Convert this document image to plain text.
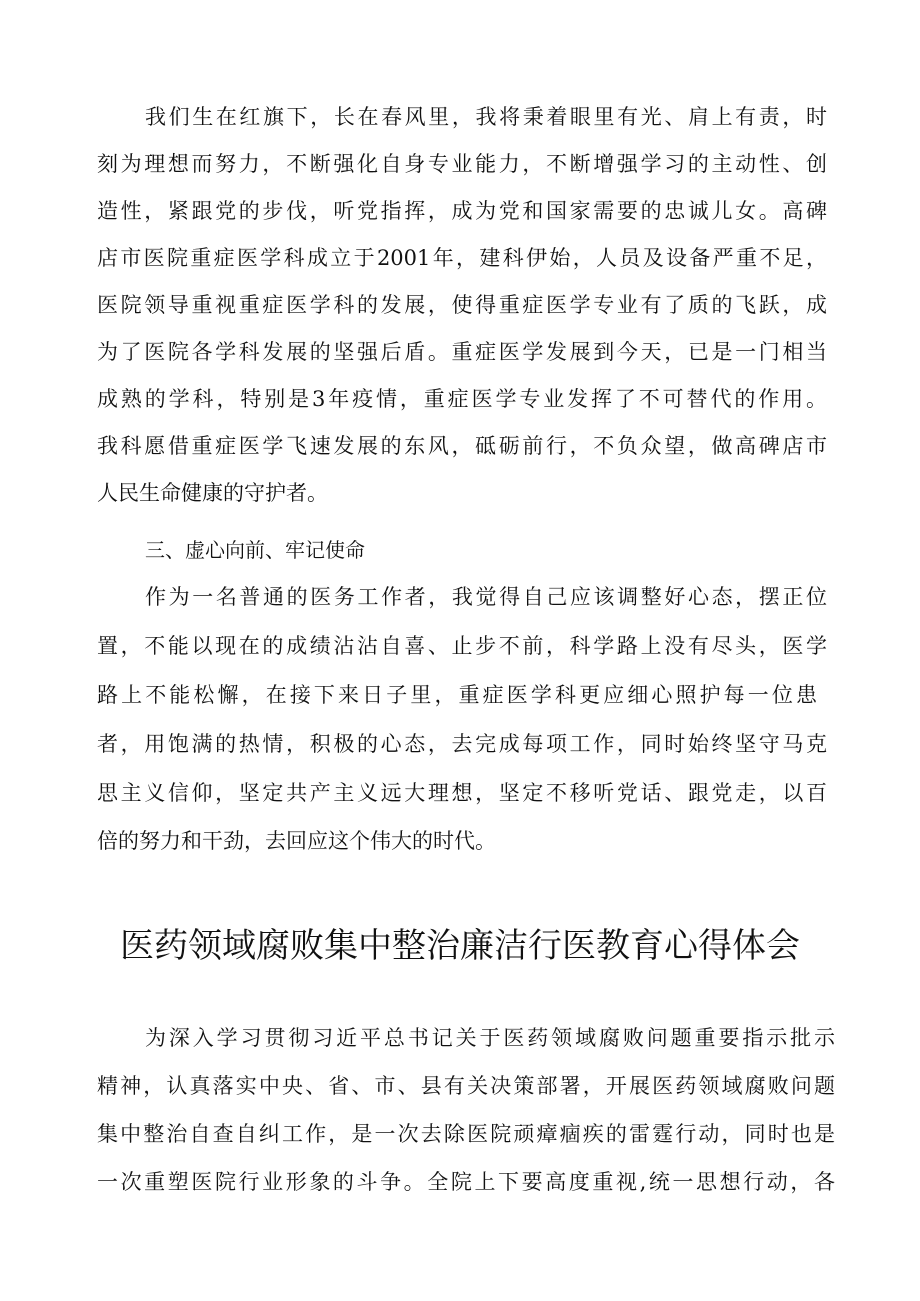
我们生在红旗下，长在春风里，我将秉着眼里有光、肩上有责，时
刻为理想而努力，不断强化自身专业能力，不断增强学习的主动性、创
造性，紧跟党的步伐，听党指挥，成为党和国家需要的忠诚儿女。高碑
店市医院重症医学科成立于2001年，建科伊始，人员及设备严重不足，
医院领导重视重症医学科的发展，使得重症医学专业有了质的飞跃，成
为了医院各学科发展的坚强后盾。重症医学发展到今天，已是一门相当
成熟的学科，特别是3年疫情，重症医学专业发挥了不可替代的作用。
我科愿借重症医学飞速发展的东风，砥砺前行，不负众望，做高碑店市
人民生命健康的守护者。
三、虚心向前、牢记使命
作为一名普通的医务工作者，我觉得自己应该调整好心态，摆正位
置，不能以现在的成绩沾沾自喜、止步不前，科学路上没有尽头，医学
路上不能松懈，在接下来日子里，重症医学科更应细心照护每一位患
者，用饱满的热情，积极的心态，去完成每项工作，同时始终坚守马克
思主义信仰，坚定共产主义远大理想，坚定不移听党话、跟党走，以百
倍的努力和干劲，去回应这个伟大的时代。
医药领域腐败集中整治廉洁行医教育心得体会
为深入学习贯彻习近平总书记关于医药领域腐败问题重要指示批示
精神，认真落实中央、省、市、县有关决策部署，开展医药领域腐败问题
集中整治自查自纠工作，是一次去除医院顽瘴痼疾的雷霆行动，同时也是
一次重塑医院行业形象的斗争。全院上下要高度重视,统一思想行动，各
